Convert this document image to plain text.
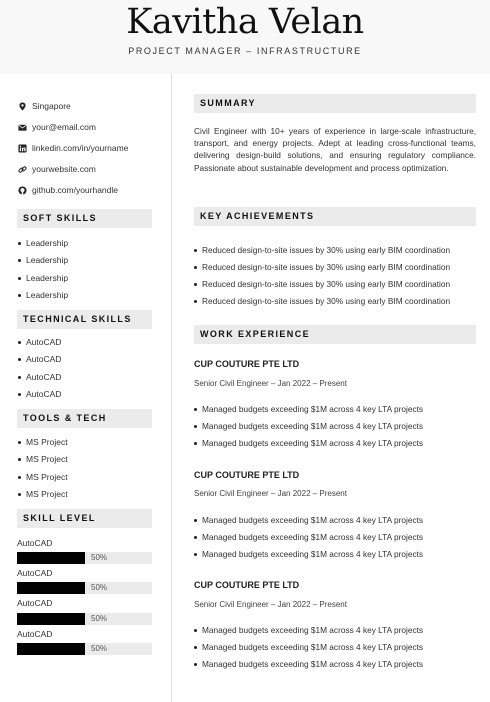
Kavitha Velan
PROJECT MANAGER – INFRASTRUCTURE
Singapore
your@email.com
linkedin.com/in/yourname
yourwebsite.com
github.com/yourhandle
SOFT SKILLS
Leadership
Leadership
Leadership
Leadership
TECHNICAL SKILLS
AutoCAD
AutoCAD
AutoCAD
AutoCAD
TOOLS & TECH
MS Project
MS Project
MS Project
MS Project
SKILL LEVEL
AutoCAD
50%
AutoCAD
50%
AutoCAD
50%
AutoCAD
50%
SUMMARY
Civil Engineer with 10+ years of experience in large-scale infrastructure, transport, and energy projects. Adept at leading cross-functional teams, delivering design-build solutions, and ensuring regulatory compliance. Passionate about sustainable development and process optimization.
KEY ACHIEVEMENTS
Reduced design-to-site issues by 30% using early BIM coordination
Reduced design-to-site issues by 30% using early BIM coordination
Reduced design-to-site issues by 30% using early BIM coordination
Reduced design-to-site issues by 30% using early BIM coordination
WORK EXPERIENCE
CUP COUTURE PTE LTD
Senior Civil Engineer – Jan 2022 – Present
Managed budgets exceeding $1M across 4 key LTA projects
Managed budgets exceeding $1M across 4 key LTA projects
Managed budgets exceeding $1M across 4 key LTA projects
CUP COUTURE PTE LTD
Senior Civil Engineer – Jan 2022 – Present
Managed budgets exceeding $1M across 4 key LTA projects
Managed budgets exceeding $1M across 4 key LTA projects
Managed budgets exceeding $1M across 4 key LTA projects
CUP COUTURE PTE LTD
Senior Civil Engineer – Jan 2022 – Present
Managed budgets exceeding $1M across 4 key LTA projects
Managed budgets exceeding $1M across 4 key LTA projects
Managed budgets exceeding $1M across 4 key LTA projects
